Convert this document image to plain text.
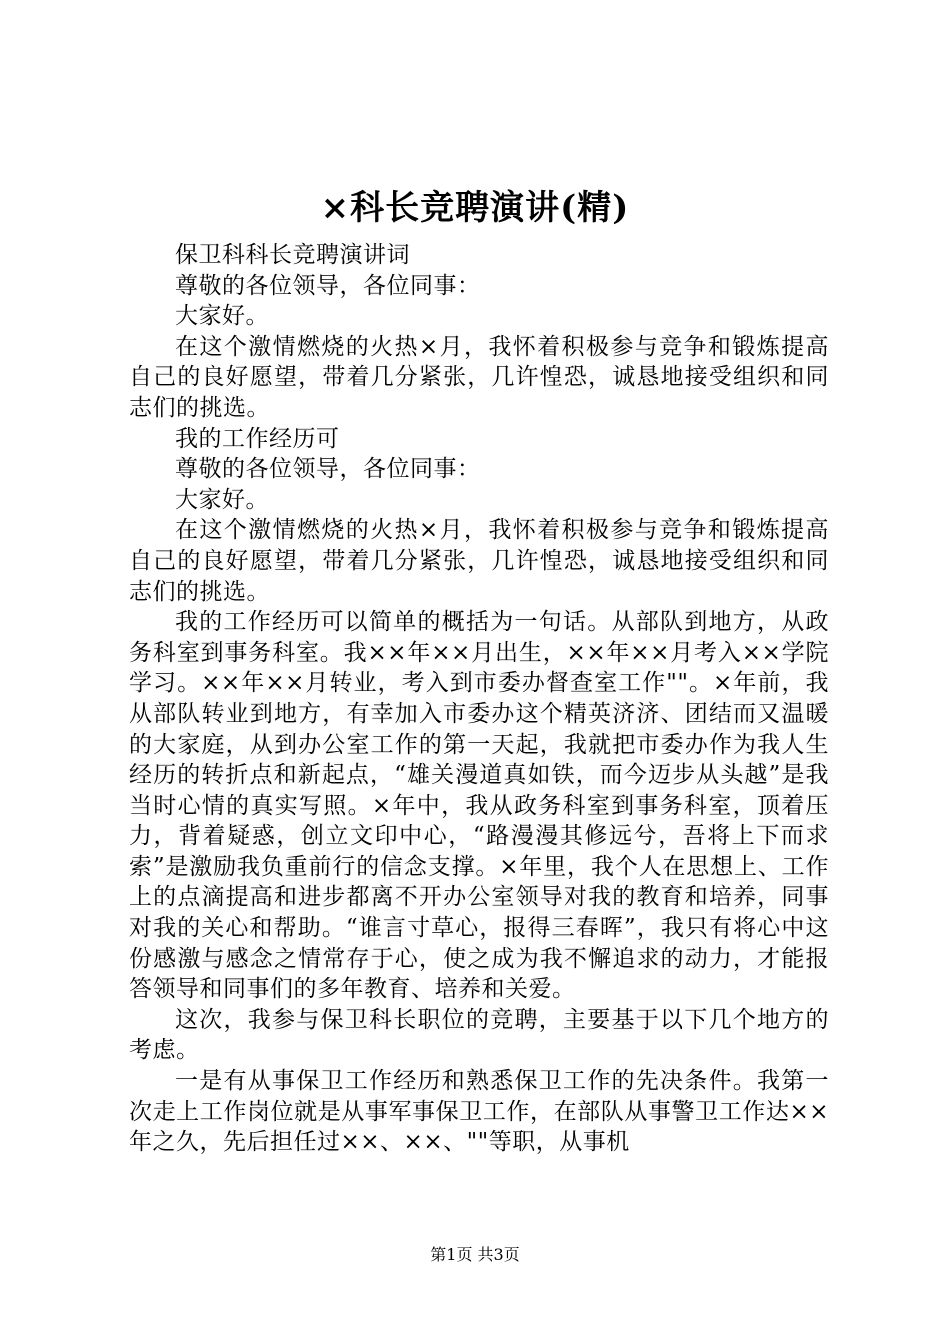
×科长竞聘演讲(精)

保卫科科长竞聘演讲词

尊敬的各位领导，各位同事：

大家好。

在这个激情燃烧的火热×月，我怀着积极参与竞争和锻炼提高自己的良好愿望，带着几分紧张，几许惶恐，诚恳地接受组织和同志们的挑选。

我的工作经历可

尊敬的各位领导，各位同事：

大家好。

在这个激情燃烧的火热×月，我怀着积极参与竞争和锻炼提高自己的良好愿望，带着几分紧张，几许惶恐，诚恳地接受组织和同志们的挑选。

我的工作经历可以简单的概括为一句话。从部队到地方，从政务科室到事务科室。我××年××月出生，××年××月考入××学院学习。××年××月转业，考入到市委办督查室工作""。×年前，我从部队转业到地方，有幸加入市委办这个精英济济、团结而又温暖的大家庭，从到办公室工作的第一天起，我就把市委办作为我人生经历的转折点和新起点，“雄关漫道真如铁，而今迈步从头越”是我当时心情的真实写照。×年中，我从政务科室到事务科室，顶着压力，背着疑惑，创立文印中心，“路漫漫其修远兮，吾将上下而求索”是激励我负重前行的信念支撑。×年里，我个人在思想上、工作上的点滴提高和进步都离不开办公室领导对我的教育和培养，同事对我的关心和帮助。“谁言寸草心，报得三春晖”，我只有将心中这份感激与感念之情常存于心，使之成为我不懈追求的动力，才能报答领导和同事们的多年教育、培养和关爱。

这次，我参与保卫科长职位的竞聘，主要基于以下几个地方的考虑。

一是有从事保卫工作经历和熟悉保卫工作的先决条件。我第一次走上工作岗位就是从事军事保卫工作，在部队从事警卫工作达××年之久，先后担任过××、××、""等职，从事机

第1页 共3页
